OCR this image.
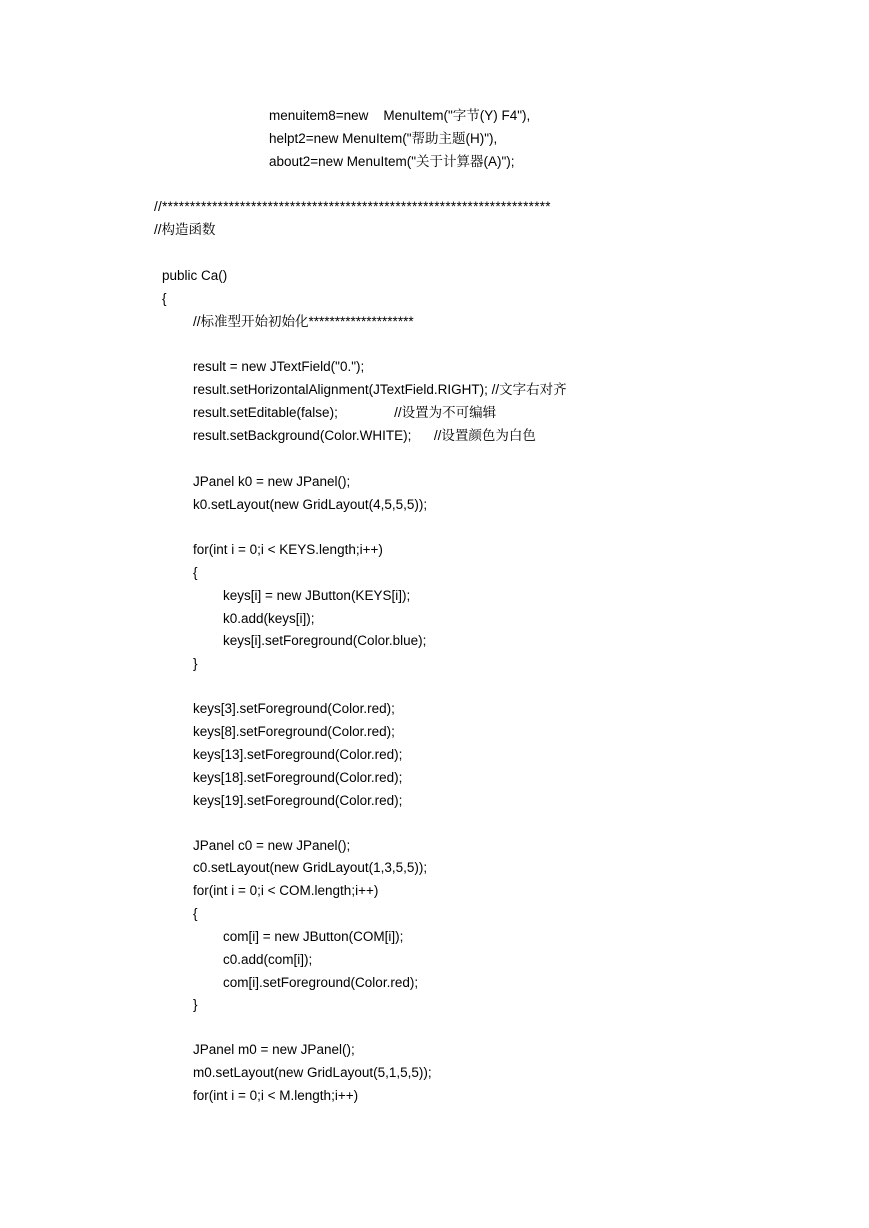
menuitem8=new    MenuItem("字节(Y) F4"),
helpt2=new MenuItem("帮助主题(H)"),
about2=new MenuItem("关于计算器(A)");
//**********************************************************************
//构造函数
public Ca()
{
//标准型开始初始化********************
result = new JTextField("0.");
result.setHorizontalAlignment(JTextField.RIGHT); //文字右对齐
result.setEditable(false);               //设置为不可编辑
result.setBackground(Color.WHITE);      //设置颜色为白色
JPanel k0 = new JPanel();
k0.setLayout(new GridLayout(4,5,5,5));
for(int i = 0;i < KEYS.length;i++)
{
keys[i] = new JButton(KEYS[i]);
k0.add(keys[i]);
keys[i].setForeground(Color.blue);
}
keys[3].setForeground(Color.red);
keys[8].setForeground(Color.red);
keys[13].setForeground(Color.red);
keys[18].setForeground(Color.red);
keys[19].setForeground(Color.red);
JPanel c0 = new JPanel();
c0.setLayout(new GridLayout(1,3,5,5));
for(int i = 0;i < COM.length;i++)
{
com[i] = new JButton(COM[i]);
c0.add(com[i]);
com[i].setForeground(Color.red);
}
JPanel m0 = new JPanel();
m0.setLayout(new GridLayout(5,1,5,5));
for(int i = 0;i < M.length;i++)
